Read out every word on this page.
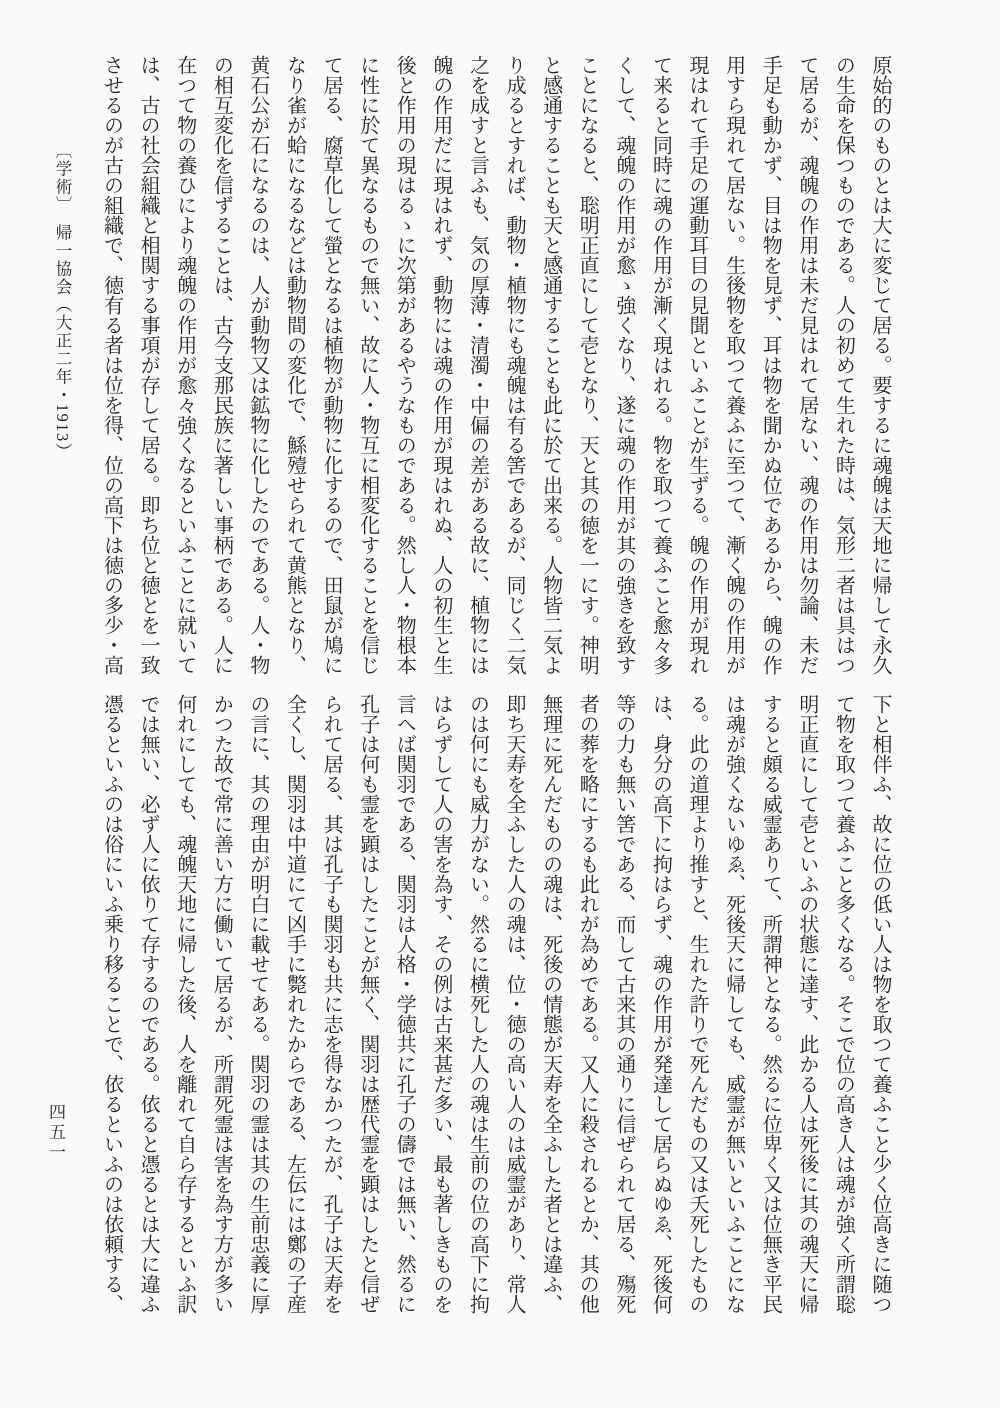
原始的のものとは大に変じて居る。要するに魂魄は天地に帰して永久
の生命を保つものである。人の初めて生れた時は、気形二者は具はつ
て居るが、魂魄の作用は未だ見はれて居ない、魂の作用は勿論、未だ
手足も動かず、目は物を見ず、耳は物を聞かぬ位であるから、魄の作
用すら現れて居ない。生後物を取つて養ふに至つて、漸く魄の作用が
現はれて手足の運動耳目の見聞といふことが生ずる。魄の作用が現れ
て来ると同時に魂の作用が漸く現はれる。物を取つて養ふこと愈々多
くして、魂魄の作用が愈ゝ強くなり、遂に魂の作用が其の強きを致す
ことになると、聡明正直にして壱となり、天と其の徳を一にす。神明
と感通することも天と感通することも此に於て出来る。人物皆二気よ
り成るとすれば、動物・植物にも魂魄は有る筈であるが、同じく二気
之を成すと言ふも、気の厚薄・清濁・中偏の差がある故に、植物には
魄の作用だに現はれず、動物には魂の作用が現はれぬ、人の初生と生
後と作用の現はるゝに次第があるやうなものである。然し人・物根本
に性に於て異なるもので無い、故に人・物互に相変化することを信じ
て居る、腐草化して螢となるは植物が動物に化するので、田鼠が鳩に
なり雀が蛤になるなどは動物間の変化で、鯀殪せられて黄熊となり、
黄石公が石になるのは、人が動物又は鉱物に化したのである。人・物
の相互変化を信ずることは、古今支那民族に著しい事柄である。人に
在つて物の養ひにより魂魄の作用が愈々強くなるといふことに就いて
は、古の社会組織と相関する事項が存して居る。即ち位と徳とを一致
させるのが古の組織で、徳有る者は位を得、位の高下は徳の多少・高
下と相伴ふ、故に位の低い人は物を取つて養ふこと少く位高きに随つ
て物を取つて養ふこと多くなる。そこで位の高き人は魂が強く所謂聡
明正直にして壱といふの状態に達す、此かる人は死後に其の魂天に帰
すると頗る威霊ありて、所謂神となる。然るに位卑く又は位無き平民
は魂が強くないゆゑ、死後天に帰しても、威霊が無いといふことにな
る。此の道理より推すと、生れた許りで死んだもの又は夭死したもの
は、身分の高下に拘はらず、魂の作用が発達して居らぬゆゑ、死後何
等の力も無い筈である、而して古来其の通りに信ぜられて居る、殤死
者の葬を略にするも此れが為めである。又人に殺されるとか、其の他
無理に死んだものの魂は、死後の情態が天寿を全ふした者とは違ふ、
即ち天寿を全ふした人の魂は、位・徳の高い人のは威霊があり、常人
のは何にも威力がない。然るに横死した人の魂は生前の位の高下に拘
はらずして人の害を為す、その例は古来甚だ多い、最も著しきものを
言へば関羽である、関羽は人格・学徳共に孔子の儔では無い、然るに
孔子は何も霊を顕はしたことが無く、関羽は歴代霊を顕はしたと信ぜ
られて居る、其は孔子も関羽も共に志を得なかつたが、孔子は天寿を
全くし、関羽は中道にて凶手に斃れたからである、左伝には鄭の子産
の言に、其の理由が明白に載せてある。関羽の霊は其の生前忠義に厚
かつた故で常に善い方に働いて居るが、所謂死霊は害を為す方が多い
何れにしても、魂魄天地に帰した後、人を離れて自ら存するといふ訳
では無い、必ず人に依りて存するのである。依ると憑るとは大に違ふ
憑るといふのは俗にいふ乗り移ることで、依るといふのは依頼する、
〔学術〕　帰一協会（大正二年・1913）
四五一
